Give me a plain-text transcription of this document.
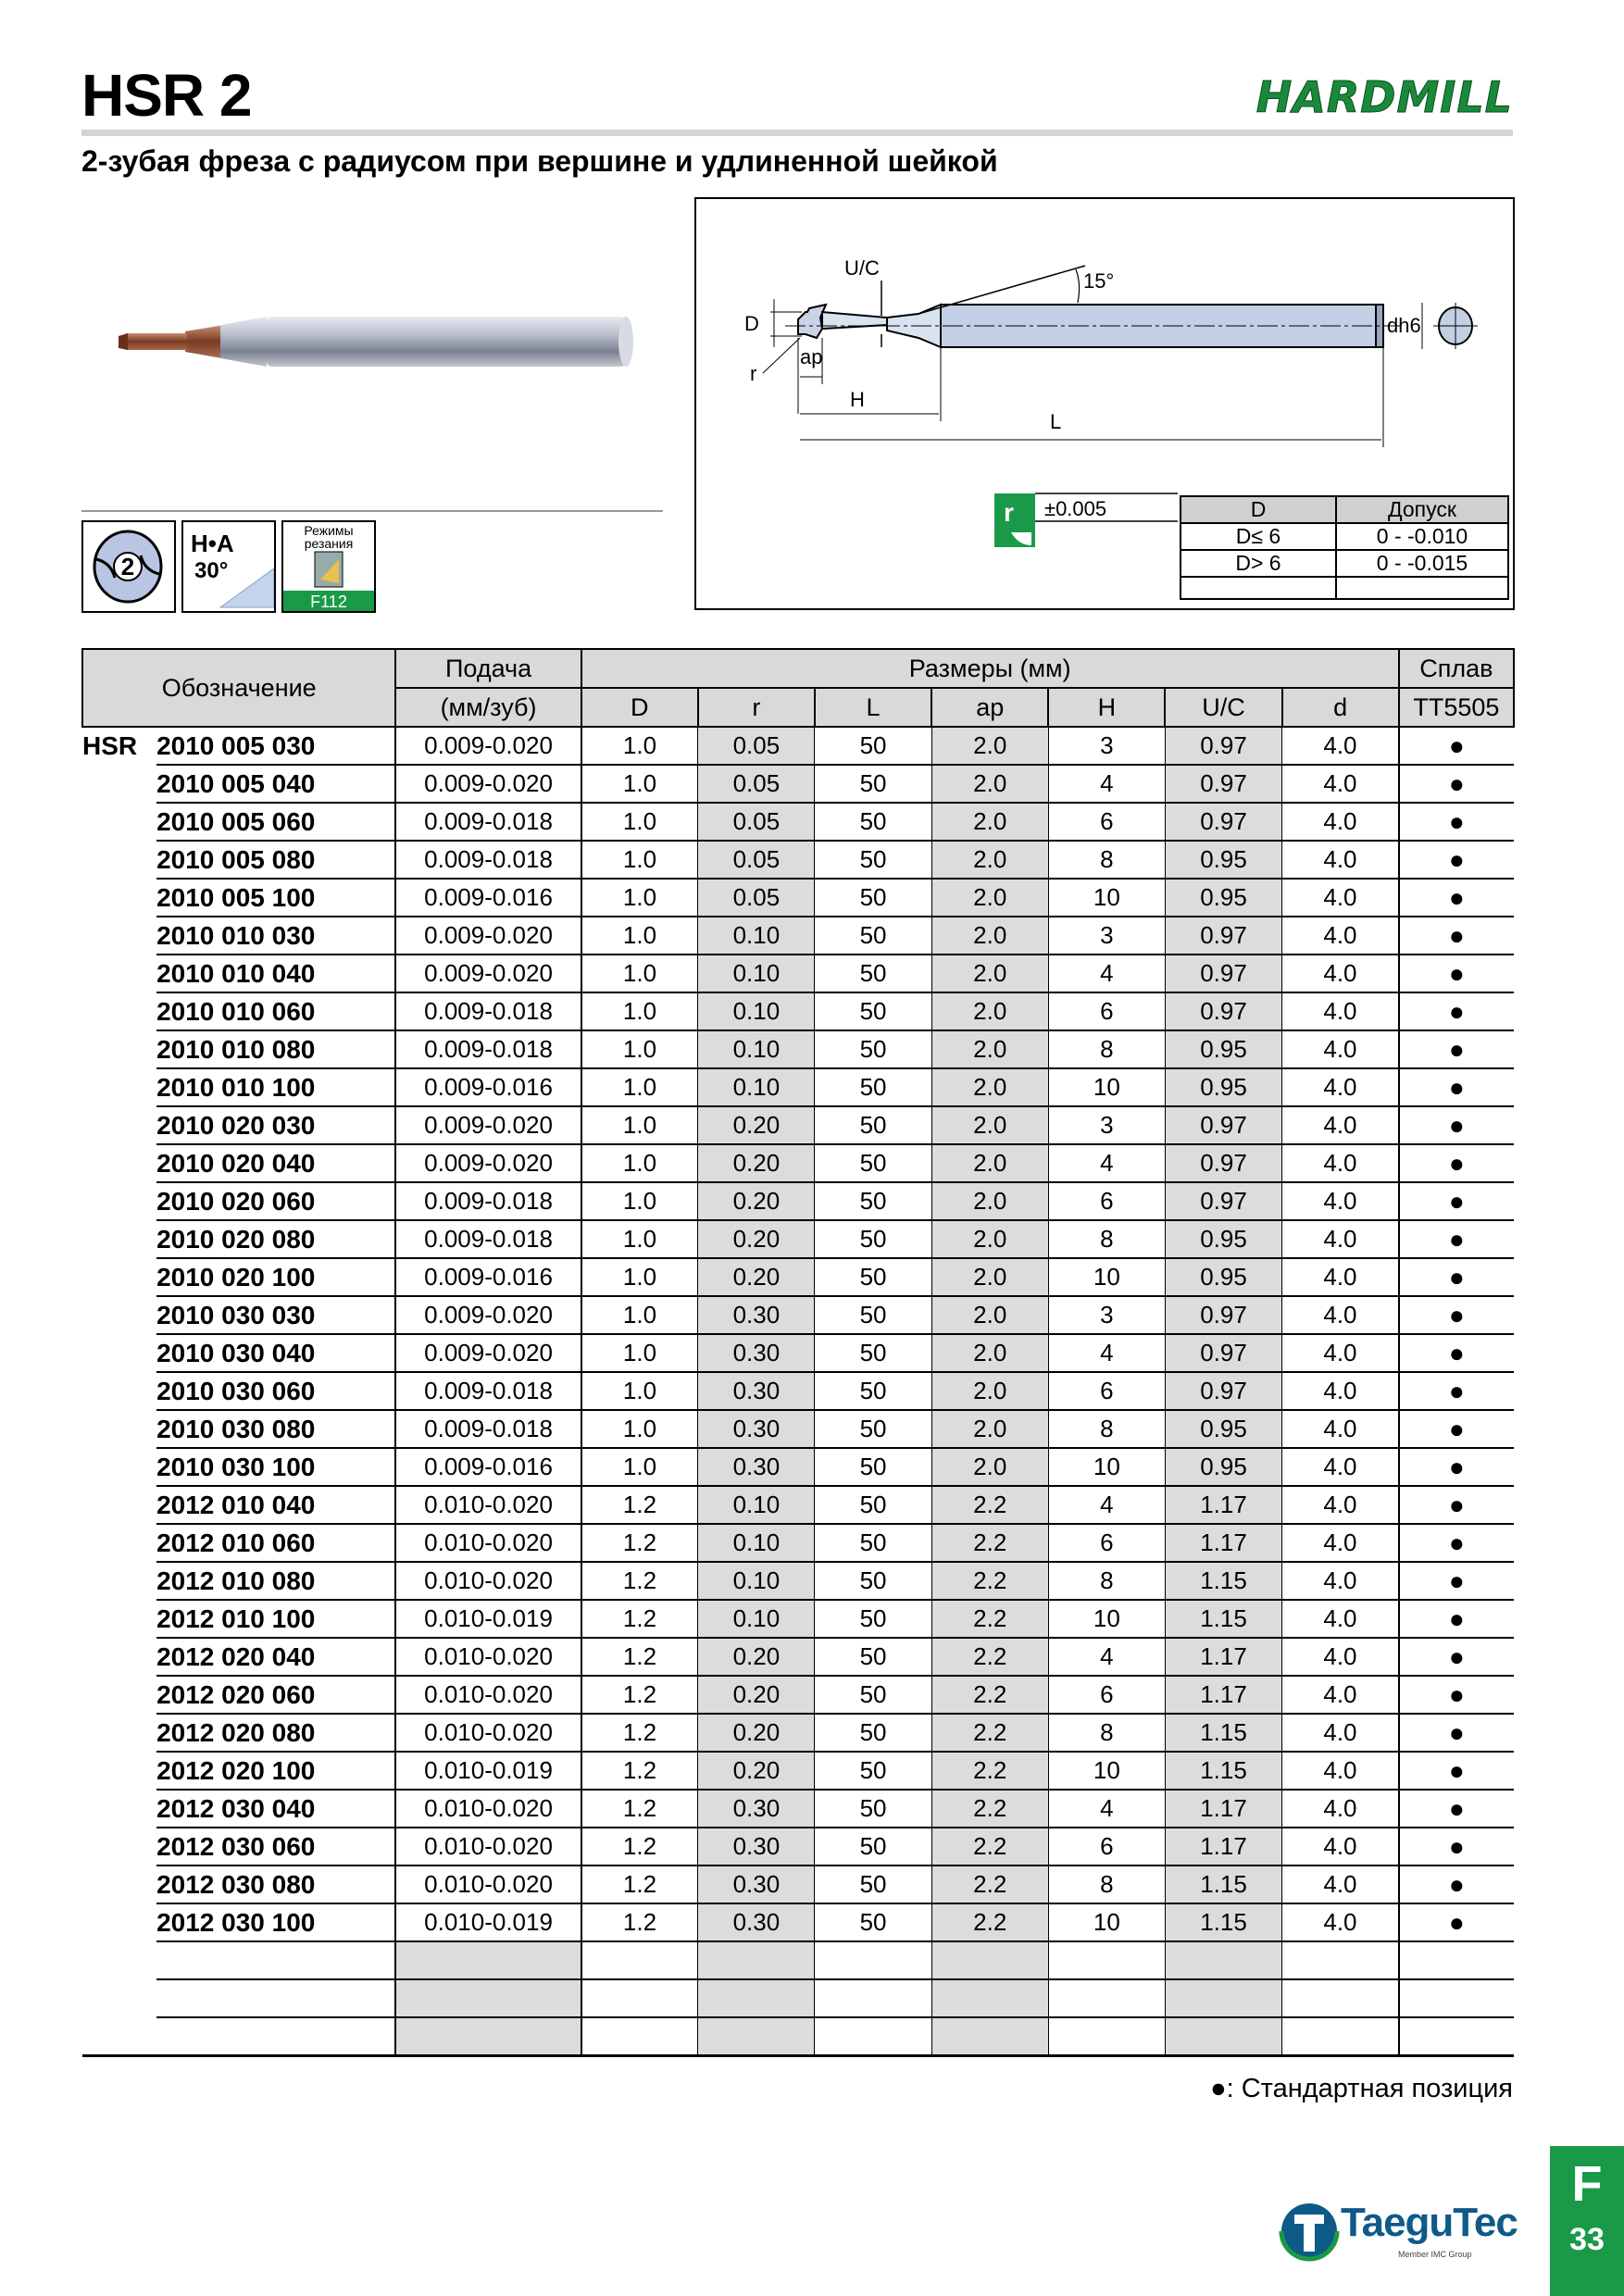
HSR 2	HARDMILL
2-зубая фреза с радиусом при вершине и удлиненной шейкой
2
H•A
30°
Режимы
резания
F112
U/C
15°
D
r
ap
H
L
dh6
r ±0.005	D	Допуск
D≤ 6	0 - -0.010
D> 6	0 - -0.015

Обозначение		Подача	Размеры (мм)							Сплав
		(мм/зуб)	D	r	L	ap	H	U/C	d	TT5505
HSR	2010 005 030	0.009-0.020	1.0	0.05	50	2.0	3	0.97	4.0	●
	2010 005 040	0.009-0.020	1.0	0.05	50	2.0	4	0.97	4.0	●
	2010 005 060	0.009-0.018	1.0	0.05	50	2.0	6	0.97	4.0	●
	2010 005 080	0.009-0.018	1.0	0.05	50	2.0	8	0.95	4.0	●
	2010 005 100	0.009-0.016	1.0	0.05	50	2.0	10	0.95	4.0	●
	2010 010 030	0.009-0.020	1.0	0.10	50	2.0	3	0.97	4.0	●
	2010 010 040	0.009-0.020	1.0	0.10	50	2.0	4	0.97	4.0	●
	2010 010 060	0.009-0.018	1.0	0.10	50	2.0	6	0.97	4.0	●
	2010 010 080	0.009-0.018	1.0	0.10	50	2.0	8	0.95	4.0	●
	2010 010 100	0.009-0.016	1.0	0.10	50	2.0	10	0.95	4.0	●
	2010 020 030	0.009-0.020	1.0	0.20	50	2.0	3	0.97	4.0	●
	2010 020 040	0.009-0.020	1.0	0.20	50	2.0	4	0.97	4.0	●
	2010 020 060	0.009-0.018	1.0	0.20	50	2.0	6	0.97	4.0	●
	2010 020 080	0.009-0.018	1.0	0.20	50	2.0	8	0.95	4.0	●
	2010 020 100	0.009-0.016	1.0	0.20	50	2.0	10	0.95	4.0	●
	2010 030 030	0.009-0.020	1.0	0.30	50	2.0	3	0.97	4.0	●
	2010 030 040	0.009-0.020	1.0	0.30	50	2.0	4	0.97	4.0	●
	2010 030 060	0.009-0.018	1.0	0.30	50	2.0	6	0.97	4.0	●
	2010 030 080	0.009-0.018	1.0	0.30	50	2.0	8	0.95	4.0	●
	2010 030 100	0.009-0.016	1.0	0.30	50	2.0	10	0.95	4.0	●
	2012 010 040	0.010-0.020	1.2	0.10	50	2.2	4	1.17	4.0	●
	2012 010 060	0.010-0.020	1.2	0.10	50	2.2	6	1.17	4.0	●
	2012 010 080	0.010-0.020	1.2	0.10	50	2.2	8	1.15	4.0	●
	2012 010 100	0.010-0.019	1.2	0.10	50	2.2	10	1.15	4.0	●
	2012 020 040	0.010-0.020	1.2	0.20	50	2.2	4	1.17	4.0	●
	2012 020 060	0.010-0.020	1.2	0.20	50	2.2	6	1.17	4.0	●
	2012 020 080	0.010-0.020	1.2	0.20	50	2.2	8	1.15	4.0	●
	2012 020 100	0.010-0.019	1.2	0.20	50	2.2	10	1.15	4.0	●
	2012 030 040	0.010-0.020	1.2	0.30	50	2.2	4	1.17	4.0	●
	2012 030 060	0.010-0.020	1.2	0.30	50	2.2	6	1.17	4.0	●
	2012 030 080	0.010-0.020	1.2	0.30	50	2.2	8	1.15	4.0	●
	2012 030 100	0.010-0.019	1.2	0.30	50	2.2	10	1.15	4.0	●

●: Стандартная позиция
TaeguTec
Member IMC Group
F
33
